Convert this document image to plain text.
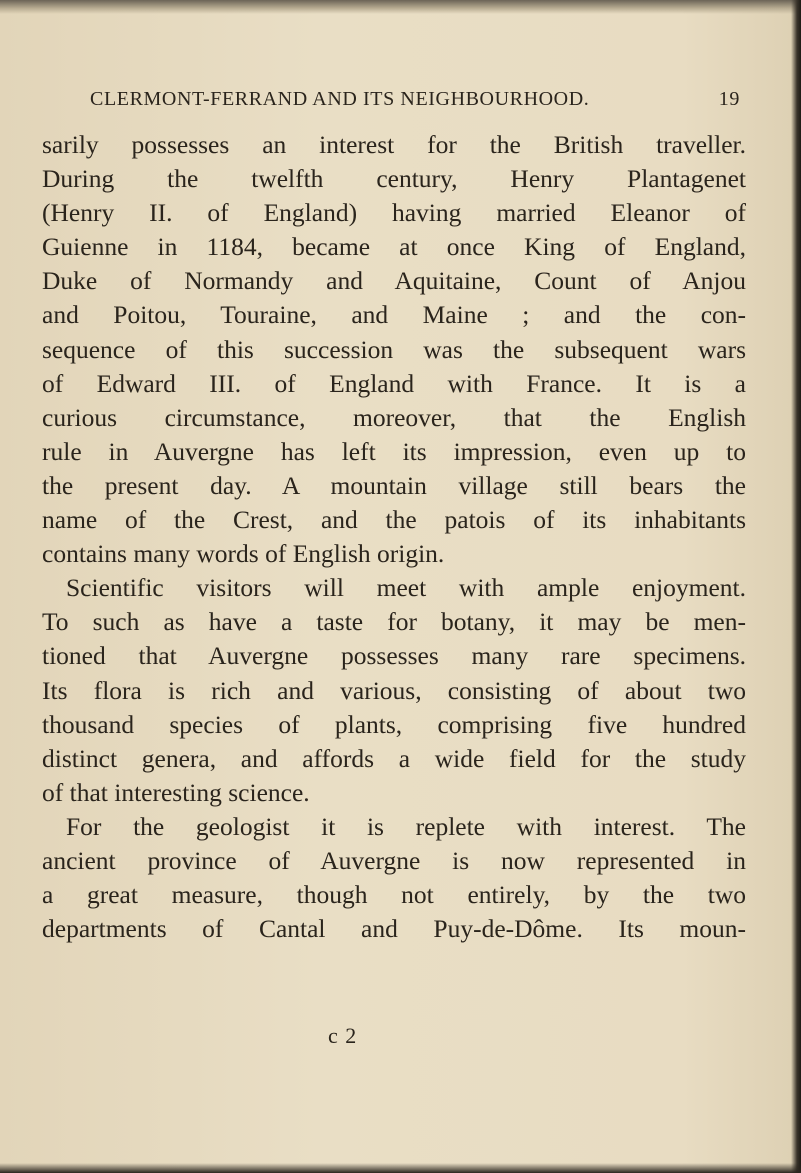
CLERMONT-FERRAND AND ITS NEIGHBOURHOOD.	19
sarily possesses an interest for the British traveller.
During the twelfth century, Henry Plantagenet
(Henry II. of England) having married Eleanor of
Guienne in 1184, became at once King of England,
Duke of Normandy and Aquitaine, Count of Anjou
and Poitou, Touraine, and Maine ; and the con-
sequence of this succession was the subsequent wars
of Edward III. of England with France. It is a
curious circumstance, moreover, that the English
rule in Auvergne has left its impression, even up to
the present day. A mountain village still bears the
name of the Crest, and the patois of its inhabitants
contains many words of English origin.
Scientific visitors will meet with ample enjoyment.
To such as have a taste for botany, it may be men-
tioned that Auvergne possesses many rare specimens.
Its flora is rich and various, consisting of about two
thousand species of plants, comprising five hundred
distinct genera, and affords a wide field for the study
of that interesting science.
For the geologist it is replete with interest. The
ancient province of Auvergne is now represented in
a great measure, though not entirely, by the two
departments of Cantal and Puy-de-Dôme. Its moun-
c 2
